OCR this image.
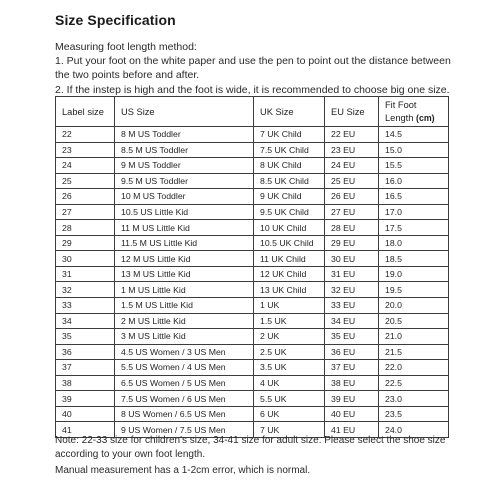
Size Specification
Measuring foot length method:
1. Put your foot on the white paper and use the pen to point out the distance between
the two points before and after.
2. If the instep is high and the foot is wide, it is recommended to choose big one size.
Label size	US Size	UK Size	EU Size	Fit Foot
Length (cm)

22	8 M US Toddler	7 UK Child	22 EU	14.5
23	8.5 M US Toddler	7.5 UK Child	23 EU	15.0
24	9 M US Toddler	8 UK Child	24 EU	15.5
25	9.5 M US Toddler	8.5 UK Child	25 EU	16.0
26	10 M US Toddler	9 UK Child	26 EU	16.5
27	10.5 US Little Kid	9.5 UK Child	27 EU	17.0
28	11 M US Little Kid	10 UK Child	28 EU	17.5
29	11.5 M US Little Kid	10.5 UK Child	29 EU	18.0
30	12 M US Little Kid	11 UK Child	30 EU	18.5
31	13 M US Little Kid	12 UK Child	31 EU	19.0
32	1 M US Little Kid	13 UK Child	32 EU	19.5
33	1.5 M US Little Kid	1 UK	33 EU	20.0
34	2 M US Little Kid	1.5 UK	34 EU	20.5
35	3 M US Little Kid	2 UK	35 EU	21.0
36	4.5 US Women / 3 US Men	2.5 UK	36 EU	21.5
37	5.5 US Women / 4 US Men	3.5 UK	37 EU	22.0
38	6.5 US Women / 5 US Men	4 UK	38 EU	22.5
39	7.5 US Women / 6 US Men	5.5 UK	39 EU	23.0
40	8 US Women / 6.5 US Men	6 UK	40 EU	23.5
41	9 US Women / 7.5 US Men	7 UK	41 EU	24.0
Note: 22-33 size for children's size, 34-41 size for adult size. Please select the shoe size
according to your own foot length.
Manual measurement has a 1-2cm error, which is normal.
